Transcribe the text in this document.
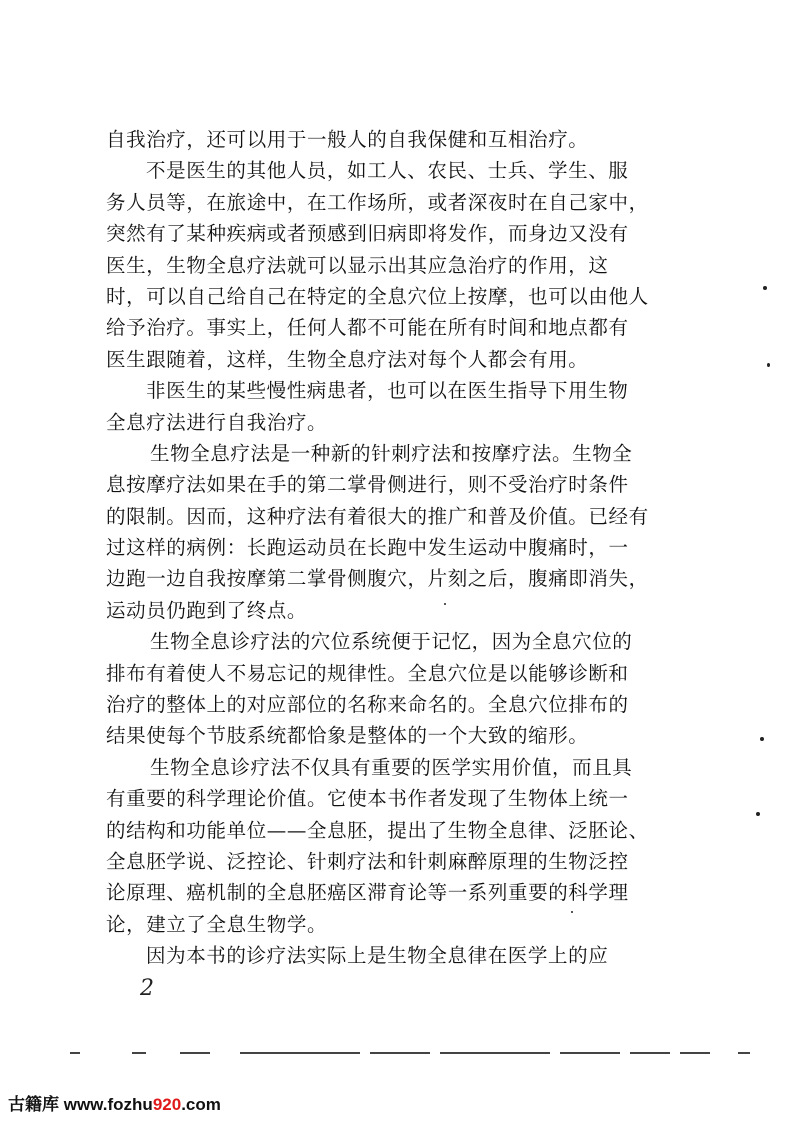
自我治疗，还可以用于一般人的自我保健和互相治疗。
不是医生的其他人员，如工人、农民、士兵、学生、服
务人员等，在旅途中，在工作场所，或者深夜时在自己家中，
突然有了某种疾病或者预感到旧病即将发作，而身边又没有
医生，生物全息疗法就可以显示出其应急治疗的作用，这
时，可以自己给自己在特定的全息穴位上按摩，也可以由他人
给予治疗。事实上，任何人都不可能在所有时间和地点都有
医生跟随着，这样，生物全息疗法对每个人都会有用。
非医生的某些慢性病患者，也可以在医生指导下用生物
全息疗法进行自我治疗。
生物全息疗法是一种新的针刺疗法和按摩疗法。生物全
息按摩疗法如果在手的第二掌骨侧进行，则不受治疗时条件
的限制。因而，这种疗法有着很大的推广和普及价值。已经有
过这样的病例：长跑运动员在长跑中发生运动中腹痛时，一
边跑一边自我按摩第二掌骨侧腹穴，片刻之后，腹痛即消失，
运动员仍跑到了终点。
生物全息诊疗法的穴位系统便于记忆，因为全息穴位的
排布有着使人不易忘记的规律性。全息穴位是以能够诊断和
治疗的整体上的对应部位的名称来命名的。全息穴位排布的
结果使每个节肢系统都恰象是整体的一个大致的缩形。
生物全息诊疗法不仅具有重要的医学实用价值，而且具
有重要的科学理论价值。它使本书作者发现了生物体上统一
的结构和功能单位——全息胚，提出了生物全息律、泛胚论、
全息胚学说、泛控论、针刺疗法和针刺麻醉原理的生物泛控
论原理、癌机制的全息胚癌区滞育论等一系列重要的科学理
论，建立了全息生物学。
因为本书的诊疗法实际上是生物全息律在医学上的应
2
古籍库 www.fozhu920.com
